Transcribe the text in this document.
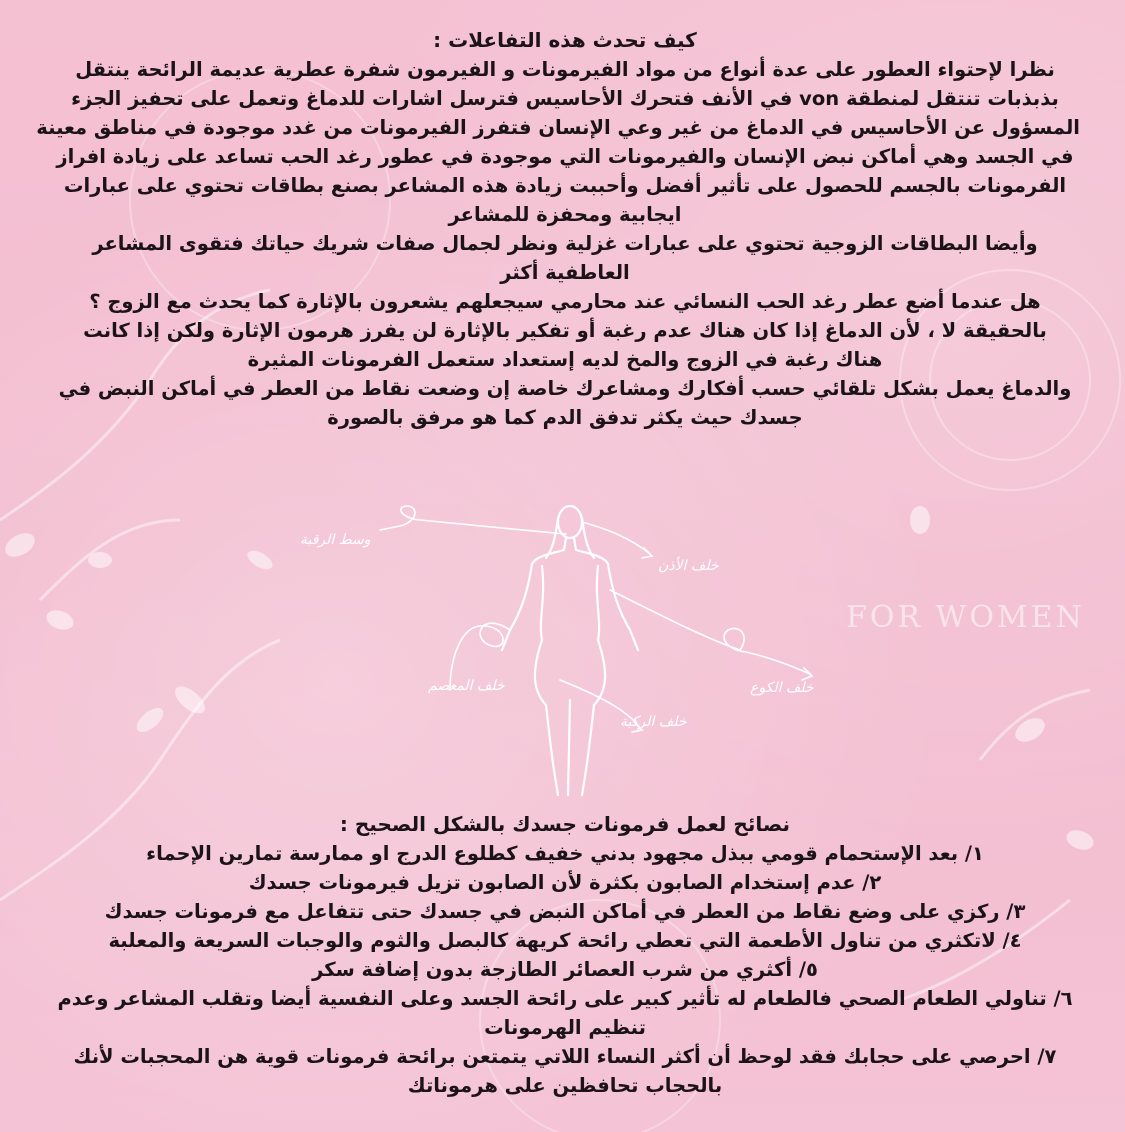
FOR WOMEN
كيف تحدث هذه التفاعلات :
نظرا لإحتواء العطور على عدة أنواع من مواد الفيرمونات و الفيرمون شفرة عطرية عديمة الرائحة ينتقل
بذبذبات تنتقل لمنطقة von في الأنف فتحرك الأحاسيس فترسل اشارات للدماغ وتعمل على تحفيز الجزء
المسؤول عن الأحاسيس في الدماغ من غير وعي الإنسان فتفرز الفيرمونات من غدد موجودة في مناطق معينة
في الجسد وهي أماكن نبض الإنسان والفيرمونات التي موجودة في عطور رغد الحب تساعد على زيادة افراز
الفرمونات بالجسم للحصول على تأثير أفضل وأحببت زيادة هذه المشاعر بصنع بطاقات تحتوي على عبارات
ايجابية ومحفزة للمشاعر
وأيضا البطاقات الزوجية تحتوي على عبارات غزلية ونظر لجمال صفات شريك حياتك فتقوى المشاعر
العاطفية أكثر
هل عندما أضع عطر رغد الحب النسائي عند محارمي سيجعلهم يشعرون بالإثارة كما يحدث مع الزوج ؟
بالحقيقة لا ، لأن الدماغ إذا كان هناك عدم رغبة أو تفكير بالإثارة لن يفرز هرمون الإثارة ولكن إذا كانت
هناك رغبة في الزوج والمخ لديه إستعداد ستعمل الفرمونات المثيرة
والدماغ يعمل بشكل تلقائي حسب أفكارك ومشاعرك خاصة إن وضعت نقاط من العطر في أماكن النبض في
جسدك حيث يكثر تدفق الدم كما هو مرفق بالصورة
وسط الرقبة
خلف الأذن
خلف الكوع
خلف الركبة
خلف المعصم
نصائح لعمل فرمونات جسدك بالشكل الصحيح :
١/ بعد الإستحمام قومي ببذل مجهود بدني خفيف كطلوع الدرج او ممارسة تمارين الإحماء
٢/ عدم إستخدام الصابون بكثرة لأن الصابون تزيل فيرمونات جسدك
٣/ ركزي على وضع نقاط من العطر في أماكن النبض في جسدك حتى تتفاعل مع فرمونات جسدك
٤/ لاتكثري من تناول الأطعمة التي تعطي رائحة كريهة كالبصل والثوم والوجبات السريعة والمعلبة
٥/ أكثري من شرب العصائر الطازجة بدون إضافة سكر
٦/ تناولي الطعام الصحي فالطعام له تأثير كبير على رائحة الجسد وعلى النفسية أيضا وتقلب المشاعر وعدم
تنظيم الهرمونات
٧/ احرصي على حجابك فقد لوحظ أن أكثر النساء اللاتي يتمتعن برائحة فرمونات قوية هن المحجبات لأنك
بالحجاب تحافظين على هرموناتك
